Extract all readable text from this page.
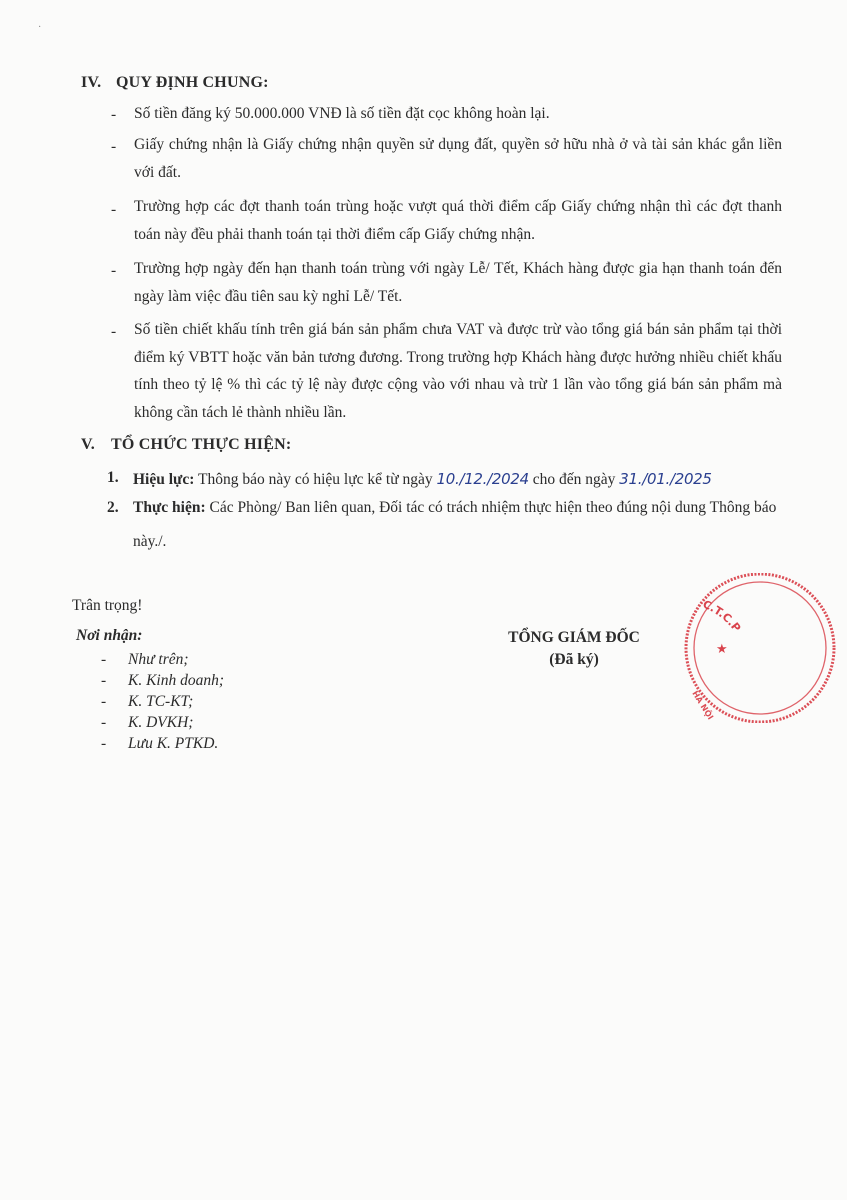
·
IV. QUY ĐỊNH CHUNG:
- Số tiền đăng ký 50.000.000 VNĐ là số tiền đặt cọc không hoàn lại.
- Giấy chứng nhận là Giấy chứng nhận quyền sử dụng đất, quyền sở hữu nhà ở và tài sản khác gắn liền với đất.
- Trường hợp các đợt thanh toán trùng hoặc vượt quá thời điểm cấp Giấy chứng nhận thì các đợt thanh toán này đều phải thanh toán tại thời điểm cấp Giấy chứng nhận.
- Trường hợp ngày đến hạn thanh toán trùng với ngày Lễ/ Tết, Khách hàng được gia hạn thanh toán đến ngày làm việc đầu tiên sau kỳ nghỉ Lễ/ Tết.
- Số tiền chiết khấu tính trên giá bán sản phẩm chưa VAT và được trừ vào tổng giá bán sản phẩm tại thời điểm ký VBTT hoặc văn bản tương đương. Trong trường hợp Khách hàng được hưởng nhiều chiết khấu tính theo tỷ lệ % thì các tỷ lệ này được cộng vào với nhau và trừ 1 lần vào tổng giá bán sản phẩm mà không cần tách lẻ thành nhiều lần.
V. TỔ CHỨC THỰC HIỆN:
1. Hiệu lực: Thông báo này có hiệu lực kể từ ngày 10./12./2024 cho đến ngày 31./01./2025
2. Thực hiện: Các Phòng/ Ban liên quan, Đối tác có trách nhiệm thực hiện theo đúng nội dung Thông báo này./.
Trân trọng!
Nơi nhận:
- Như trên;
- K. Kinh doanh;
- K. TC-KT;
- K. DVKH;
- Lưu K. PTKD.
TỔNG GIÁM ĐỐC
(Đã ký)
C.T.C.P
★
HÀ NỘI
